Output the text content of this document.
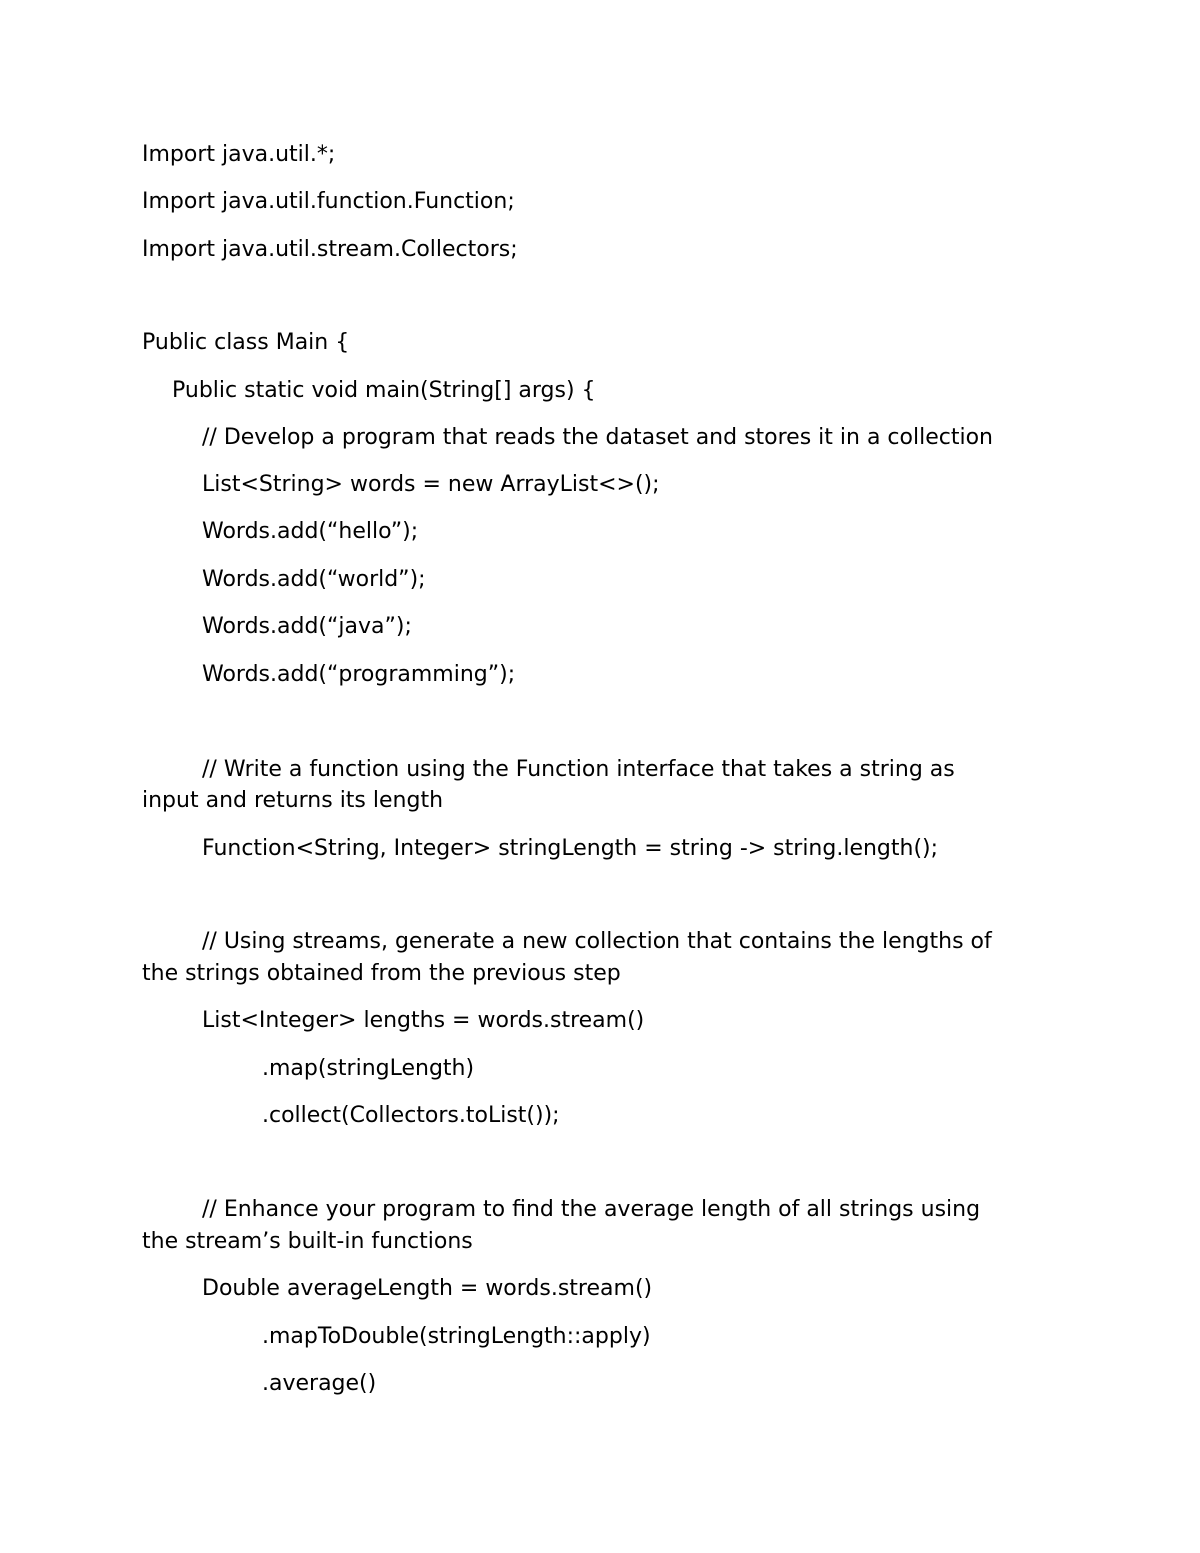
Import java.util.*;
Import java.util.function.Function;
Import java.util.stream.Collectors;
Public class Main {
Public static void main(String[] args) {
// Develop a program that reads the dataset and stores it in a collection
List<String> words = new ArrayList<>();
Words.add(“hello”);
Words.add(“world”);
Words.add(“java”);
Words.add(“programming”);
// Write a function using the Function interface that takes a string as
input and returns its length
Function<String, Integer> stringLength = string -> string.length();
// Using streams, generate a new collection that contains the lengths of
the strings obtained from the previous step
List<Integer> lengths = words.stream()
.map(stringLength)
.collect(Collectors.toList());
// Enhance your program to find the average length of all strings using
the stream’s built-in functions
Double averageLength = words.stream()
.mapToDouble(stringLength::apply)
.average()
